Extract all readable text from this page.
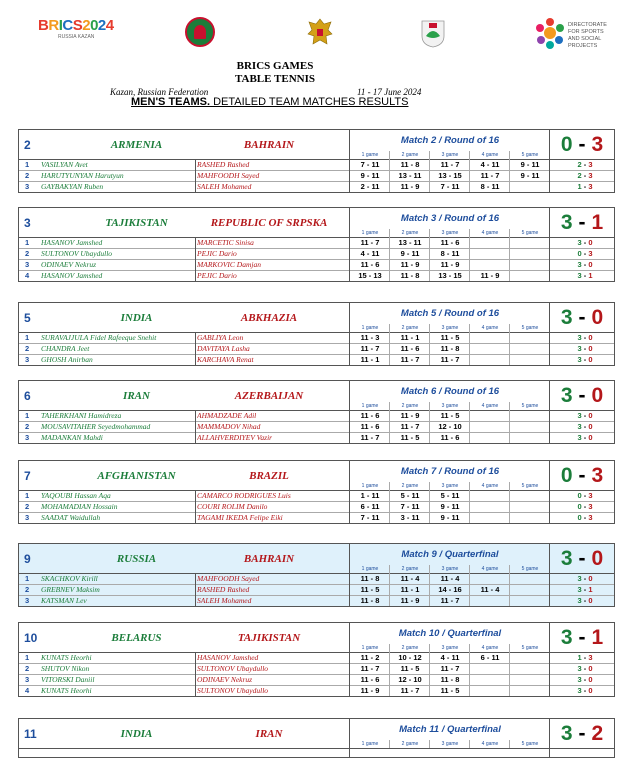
BRICS2024
RUSSIA KAZAN
DIRECTORATE
FOR SPORTS
AND SOCIAL
PROJECTS
BRICS GAMES
TABLE TENNIS
Kazan, Russian Federation	11 - 17 June 2024
MEN'S TEAMS. DETAILED TEAM MATCHES RESULTS
2	ARMENIA	BAHRAIN	Match 2 / Round of 16
1 game	2 game	3 game	4 game	5 game	0 - 3
1	VASILYAN Avet	RASHED Rashed	7 - 11	11 - 8	11 - 7	4 - 11	9 - 11	2 - 3
2	HARUTYUNYAN Harutyun	MAHFOODH Sayed	9 - 11	13 - 11	13 - 15	11 - 7	9 - 11	2 - 3
3	GAYBAKYAN Ruben	SALEH Mohamed	2 - 11	11 - 9	7 - 11	8 - 11	1 - 3
3	TAJIKISTAN	REPUBLIC OF SRPSKA	Match 3 / Round of 16
1 game	2 game	3 game	4 game	5 game	3 - 1
1	HASANOV Jamshed	MARCETIC Sinisa	11 - 7	13 - 11	11 - 6	3 - 0
2	SULTONOV Ubaydullo	PEJIC Dario	4 - 11	9 - 11	8 - 11	0 - 3
3	ODINAEV Nekruz	MARKOVIC Damjan	11 - 6	11 - 9	11 - 9	3 - 0
4	HASANOV Jamshed	PEJIC Dario	15 - 13	11 - 8	13 - 15	11 - 9	3 - 1
5	INDIA	ABKHAZIA	Match 5 / Round of 16
1 game	2 game	3 game	4 game	5 game	3 - 0
1	SURAVAJJULA Fidel Rafeeque Snehit	GABLIYA Leon	11 - 3	11 - 1	11 - 5	3 - 0
2	CHANDRA Jeet	DAVITAYA Lasha	11 - 7	11 - 6	11 - 8	3 - 0
3	GHOSH Anirban	KARCHAVA Renat	11 - 1	11 - 7	11 - 7	3 - 0
6	IRAN	AZERBAIJAN	Match 6 / Round of 16
1 game	2 game	3 game	4 game	5 game	3 - 0
1	TAHERKHANI Hamidreza	AHMADZADE Adil	11 - 6	11 - 9	11 - 5	3 - 0
2	MOUSAVITAHER Seyedmohammad	MAMMADOV Nihad	11 - 6	11 - 7	12 - 10	3 - 0
3	MADANKAN Mahdi	ALLAHVERDIYEV Vazir	11 - 7	11 - 5	11 - 6	3 - 0
7	AFGHANISTAN	BRAZIL	Match 7 / Round of 16
1 game	2 game	3 game	4 game	5 game	0 - 3
1	YAQOUBI Hassan Aqa	CAMARCO RODRIGUES Luis	1 - 11	5 - 11	5 - 11	0 - 3
2	MOHAMADIAN Hossain	COURI ROLIM Danilo	6 - 11	7 - 11	9 - 11	0 - 3
3	SAADAT Waidullah	TAGAMI IKEDA Felipe Eiki	7 - 11	3 - 11	9 - 11	0 - 3
9	RUSSIA	BAHRAIN	Match 9 / Quarterfinal
1 game	2 game	3 game	4 game	5 game	3 - 0
1	SKACHKOV Kirill	MAHFOODH Sayed	11 - 8	11 - 4	11 - 4	3 - 0
2	GREBNEV Maksim	RASHED Rashed	11 - 5	11 - 1	14 - 16	11 - 4	3 - 1
3	KATSMAN Lev	SALEH Mohamed	11 - 8	11 - 9	11 - 7	3 - 0
10	BELARUS	TAJIKISTAN	Match 10 / Quarterfinal
1 game	2 game	3 game	4 game	5 game	3 - 1
1	KUNATS Heorhi	HASANOV Jamshed	11 - 2	10 - 12	4 - 11	6 - 11	1 - 3
2	SHUTOV Nikon	SULTONOV Ubaydullo	11 - 7	11 - 5	11 - 7	3 - 0
3	VITORSKI Daniil	ODINAEV Nekruz	11 - 6	12 - 10	11 - 8	3 - 0
4	KUNATS Heorhi	SULTONOV Ubaydullo	11 - 9	11 - 7	11 - 5	3 - 0
11	INDIA	IRAN	Match 11 / Quarterfinal
1 game	2 game	3 game	4 game	5 game	3 - 2
